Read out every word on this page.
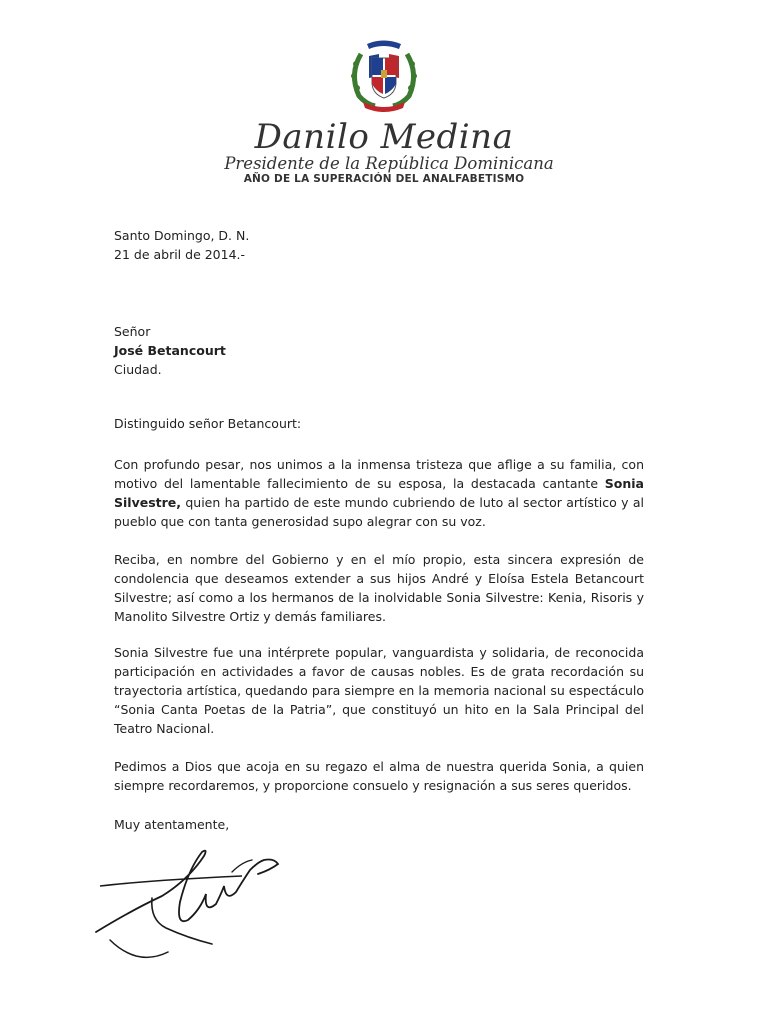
Danilo Medina
Presidente de la República Dominicana
AÑO DE LA SUPERACIÓN DEL ANALFABETISMO
Santo Domingo, D. N.
21 de abril de 2014.-
Señor
José Betancourt
Ciudad.
Distinguido señor Betancourt:
Con profundo pesar, nos unimos a la inmensa tristeza que aflige a su familia, con motivo del lamentable fallecimiento de su esposa, la destacada cantante Sonia Silvestre, quien ha partido de este mundo cubriendo de luto al sector artístico y al pueblo que con tanta generosidad supo alegrar con su voz.
Reciba, en nombre del Gobierno y en el mío propio, esta sincera expresión de condolencia que deseamos extender a sus hijos André y Eloísa Estela Betancourt Silvestre; así como a los hermanos de la inolvidable Sonia Silvestre: Kenia, Risoris y Manolito Silvestre Ortiz y demás familiares.
Sonia Silvestre fue una intérprete popular, vanguardista y solidaria, de reconocida participación en actividades a favor de causas nobles. Es de grata recordación su trayectoria artística, quedando para siempre en la memoria nacional su espectáculo “Sonia Canta Poetas de la Patria”, que constituyó un hito en la Sala Principal del Teatro Nacional.
Pedimos a Dios que acoja en su regazo el alma de nuestra querida Sonia, a quien siempre recordaremos, y proporcione consuelo y resignación a sus seres queridos.
Muy atentamente,
